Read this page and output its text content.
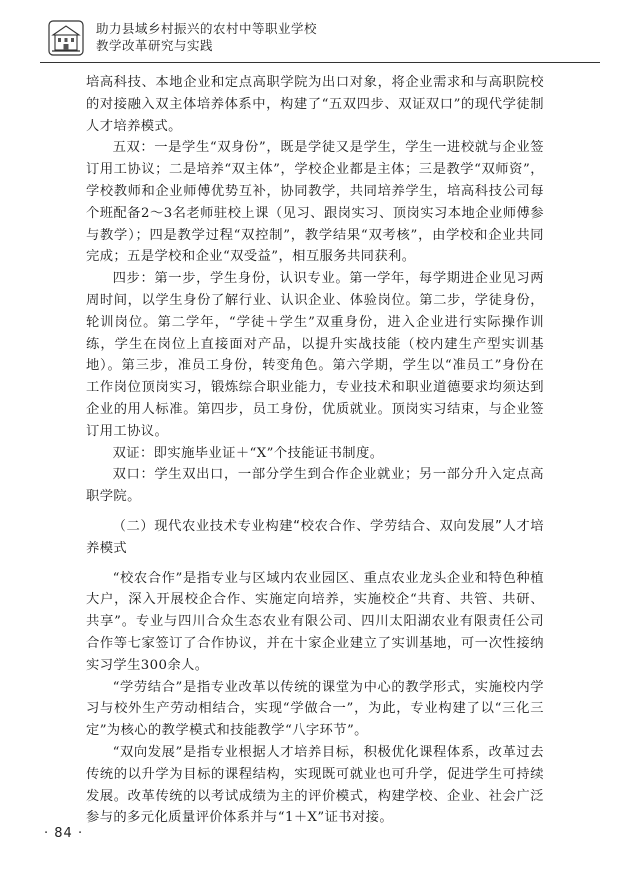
助力县域乡村振兴的农村中等职业学校
教学改革研究与实践

培高科技、本地企业和定点高职学院为出口对象，将企业需求和与高职院校的对接融入双主体培养体系中，构建了“五双四步、双证双口”的现代学徒制人才培养模式。

五双：一是学生“双身份”，既是学徒又是学生，学生一进校就与企业签订用工协议；二是培养“双主体”，学校企业都是主体；三是教学“双师资”，学校教师和企业师傅优势互补，协同教学，共同培养学生，培高科技公司每个班配备2～3名老师驻校上课（见习、跟岗实习、顶岗实习本地企业师傅参与教学）；四是教学过程“双控制”，教学结果“双考核”，由学校和企业共同完成；五是学校和企业“双受益”，相互服务共同获利。

四步：第一步，学生身份，认识专业。第一学年，每学期进企业见习两周时间，以学生身份了解行业、认识企业、体验岗位。第二步，学徒身份，轮训岗位。第二学年，“学徒＋学生”双重身份，进入企业进行实际操作训练，学生在岗位上直接面对产品，以提升实战技能（校内建生产型实训基地）。第三步，准员工身份，转变角色。第六学期，学生以“准员工”身份在工作岗位顶岗实习，锻炼综合职业能力，专业技术和职业道德要求均须达到企业的用人标准。第四步，员工身份，优质就业。顶岗实习结束，与企业签订用工协议。

双证：即实施毕业证＋“X”个技能证书制度。

双口：学生双出口，一部分学生到合作企业就业；另一部分升入定点高职学院。

（二）现代农业技术专业构建“校农合作、学劳结合、双向发展”人才培养模式

“校农合作”是指专业与区域内农业园区、重点农业龙头企业和特色种植大户，深入开展校企合作、实施定向培养，实施校企“共育、共管、共研、共享”。专业与四川合众生态农业有限公司、四川太阳湖农业有限责任公司合作等七家签订了合作协议，并在十家企业建立了实训基地，可一次性接纳实习学生300余人。

“学劳结合”是指专业改革以传统的课堂为中心的教学形式，实施校内学习与校外生产劳动相结合，实现“学做合一”，为此，专业构建了以“三化三定”为核心的教学模式和技能教学“八字环节”。

“双向发展”是指专业根据人才培养目标，积极优化课程体系，改革过去传统的以升学为目标的课程结构，实现既可就业也可升学，促进学生可持续发展。改革传统的以考试成绩为主的评价模式，构建学校、企业、社会广泛参与的多元化质量评价体系并与“1＋X”证书对接。

· 84 ·
